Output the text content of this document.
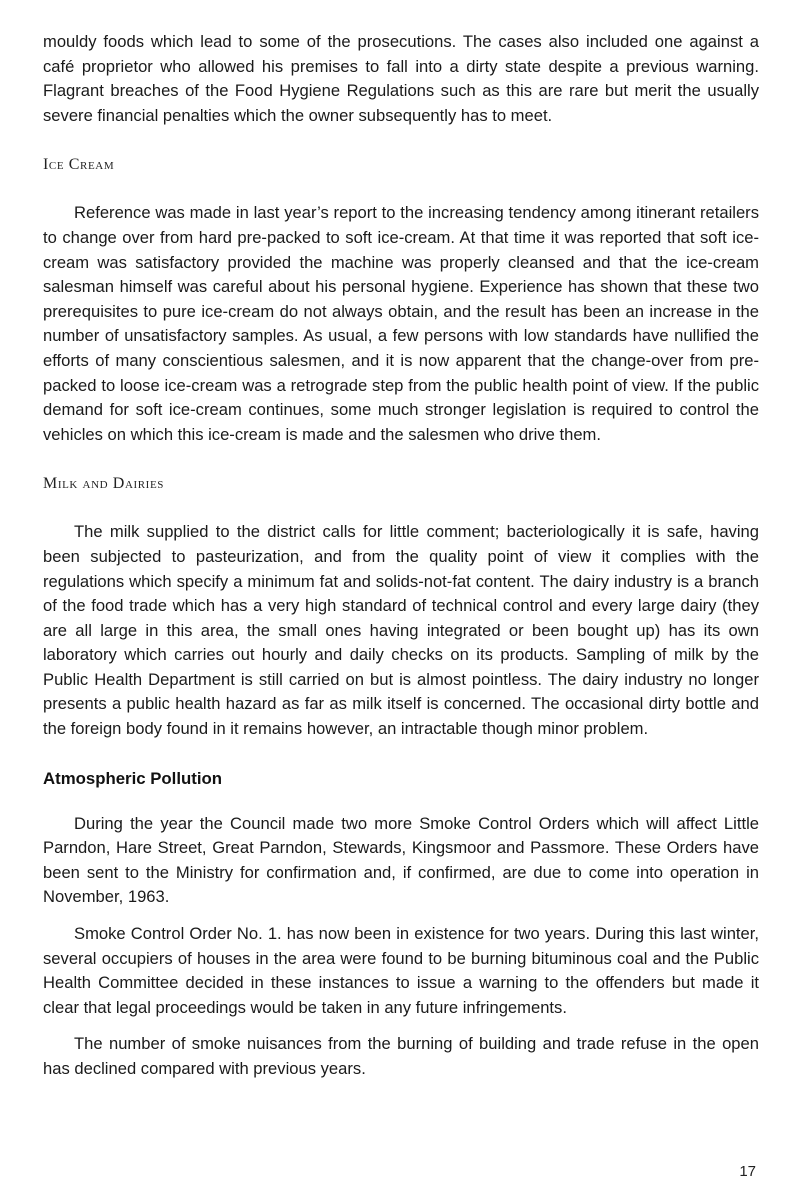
mouldy foods which lead to some of the prosecutions. The cases also included one against a café proprietor who allowed his premises to fall into a dirty state despite a previous warning. Flagrant breaches of the Food Hygiene Regulations such as this are rare but merit the usually severe financial penalties which the owner subsequently has to meet.

Ice Cream

Reference was made in last year’s report to the increasing tendency among itinerant retailers to change over from hard pre-packed to soft ice-cream. At that time it was reported that soft ice-cream was satisfactory provided the machine was properly cleansed and that the ice-cream salesman himself was careful about his personal hygiene. Experience has shown that these two prerequisites to pure ice-cream do not always obtain, and the result has been an increase in the number of unsatisfactory samples. As usual, a few persons with low standards have nullified the efforts of many conscientious salesmen, and it is now apparent that the change-over from pre-packed to loose ice-cream was a retrograde step from the public health point of view. If the public demand for soft ice-cream continues, some much stronger legislation is required to control the vehicles on which this ice-cream is made and the salesmen who drive them.

Milk and Dairies

The milk supplied to the district calls for little comment; bacteriologically it is safe, having been subjected to pasteurization, and from the quality point of view it complies with the regulations which specify a minimum fat and solids-not-fat content. The dairy industry is a branch of the food trade which has a very high standard of technical control and every large dairy (they are all large in this area, the small ones having integrated or been bought up) has its own laboratory which carries out hourly and daily checks on its products. Sampling of milk by the Public Health Department is still carried on but is almost pointless. The dairy industry no longer presents a public health hazard as far as milk itself is concerned. The occasional dirty bottle and the foreign body found in it remains however, an intractable though minor problem.

Atmospheric Pollution

During the year the Council made two more Smoke Control Orders which will affect Little Parndon, Hare Street, Great Parndon, Stewards, Kingsmoor and Passmore. These Orders have been sent to the Ministry for confirmation and, if confirmed, are due to come into operation in November, 1963.

Smoke Control Order No. 1. has now been in existence for two years. During this last winter, several occupiers of houses in the area were found to be burning bituminous coal and the Public Health Committee decided in these instances to issue a warning to the offenders but made it clear that legal proceedings would be taken in any future infringements.

The number of smoke nuisances from the burning of building and trade refuse in the open has declined compared with previous years.

17
